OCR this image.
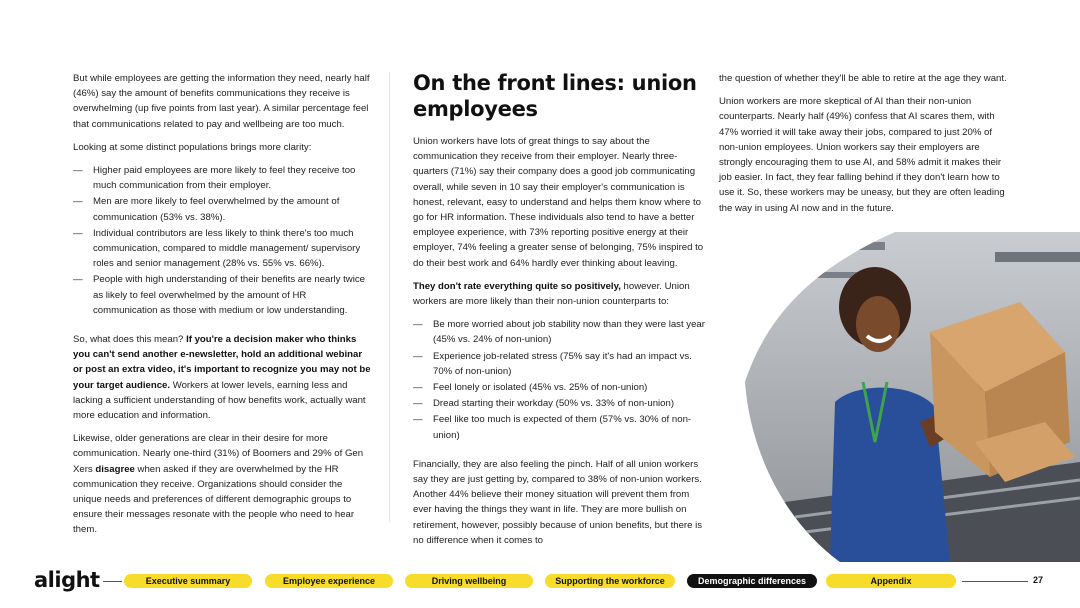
But while employees are getting the information they need, nearly half (46%) say the amount of benefits communications they receive is overwhelming (up five points from last year). A similar percentage feel that communications related to pay and wellbeing are too much.

Looking at some distinct populations brings more clarity:

— Higher paid employees are more likely to feel they receive too much communication from their employer.
— Men are more likely to feel overwhelmed by the amount of communication (53% vs. 38%).
— Individual contributors are less likely to think there's too much communication, compared to middle management/ supervisory roles and senior management (28% vs. 55% vs. 66%).
— People with high understanding of their benefits are nearly twice as likely to feel overwhelmed by the amount of HR communication as those with medium or low understanding.

So, what does this mean? If you're a decision maker who thinks you can't send another e-newsletter, hold an additional webinar or post an extra video, it's important to recognize you may not be your target audience. Workers at lower levels, earning less and lacking a sufficient understanding of how benefits work, actually want more education and information.

Likewise, older generations are clear in their desire for more communication. Nearly one-third (31%) of Boomers and 29% of Gen Xers disagree when asked if they are overwhelmed by the HR communication they receive. Organizations should consider the unique needs and preferences of different demographic groups to ensure their messages resonate with the people who need to hear them.

On the front lines: union employees

Union workers have lots of great things to say about the communication they receive from their employer. Nearly three-quarters (71%) say their company does a good job communicating overall, while seven in 10 say their employer's communication is honest, relevant, easy to understand and helps them know where to go for HR information. These individuals also tend to have a better employee experience, with 73% reporting positive energy at their employer, 74% feeling a greater sense of belonging, 75% inspired to do their best work and 64% hardly ever thinking about leaving.

They don't rate everything quite so positively, however. Union workers are more likely than their non-union counterparts to:

— Be more worried about job stability now than they were last year (45% vs. 24% of non-union)
— Experience job-related stress (75% say it's had an impact vs. 70% of non-union)
— Feel lonely or isolated (45% vs. 25% of non-union)
— Dread starting their workday (50% vs. 33% of non-union)
— Feel like too much is expected of them (57% vs. 30% of non-union)

Financially, they are also feeling the pinch. Half of all union workers say they are just getting by, compared to 38% of non-union workers. Another 44% believe their money situation will prevent them from ever having the things they want in life. They are more bullish on retirement, however, possibly because of union benefits, but there is no difference when it comes to

the question of whether they'll be able to retire at the age they want.

Union workers are more skeptical of AI than their non-union counterparts. Nearly half (49%) confess that AI scares them, with 47% worried it will take away their jobs, compared to just 20% of non-union employees. Union workers say their employers are strongly encouraging them to use AI, and 58% admit it makes their job easier. In fact, they fear falling behind if they don't learn how to use it. So, these workers may be uneasy, but they are often leading the way in using AI now and in the future.

alight	Executive summary	Employee experience	Driving wellbeing	Supporting the workforce	Demographic differences	Appendix	27
